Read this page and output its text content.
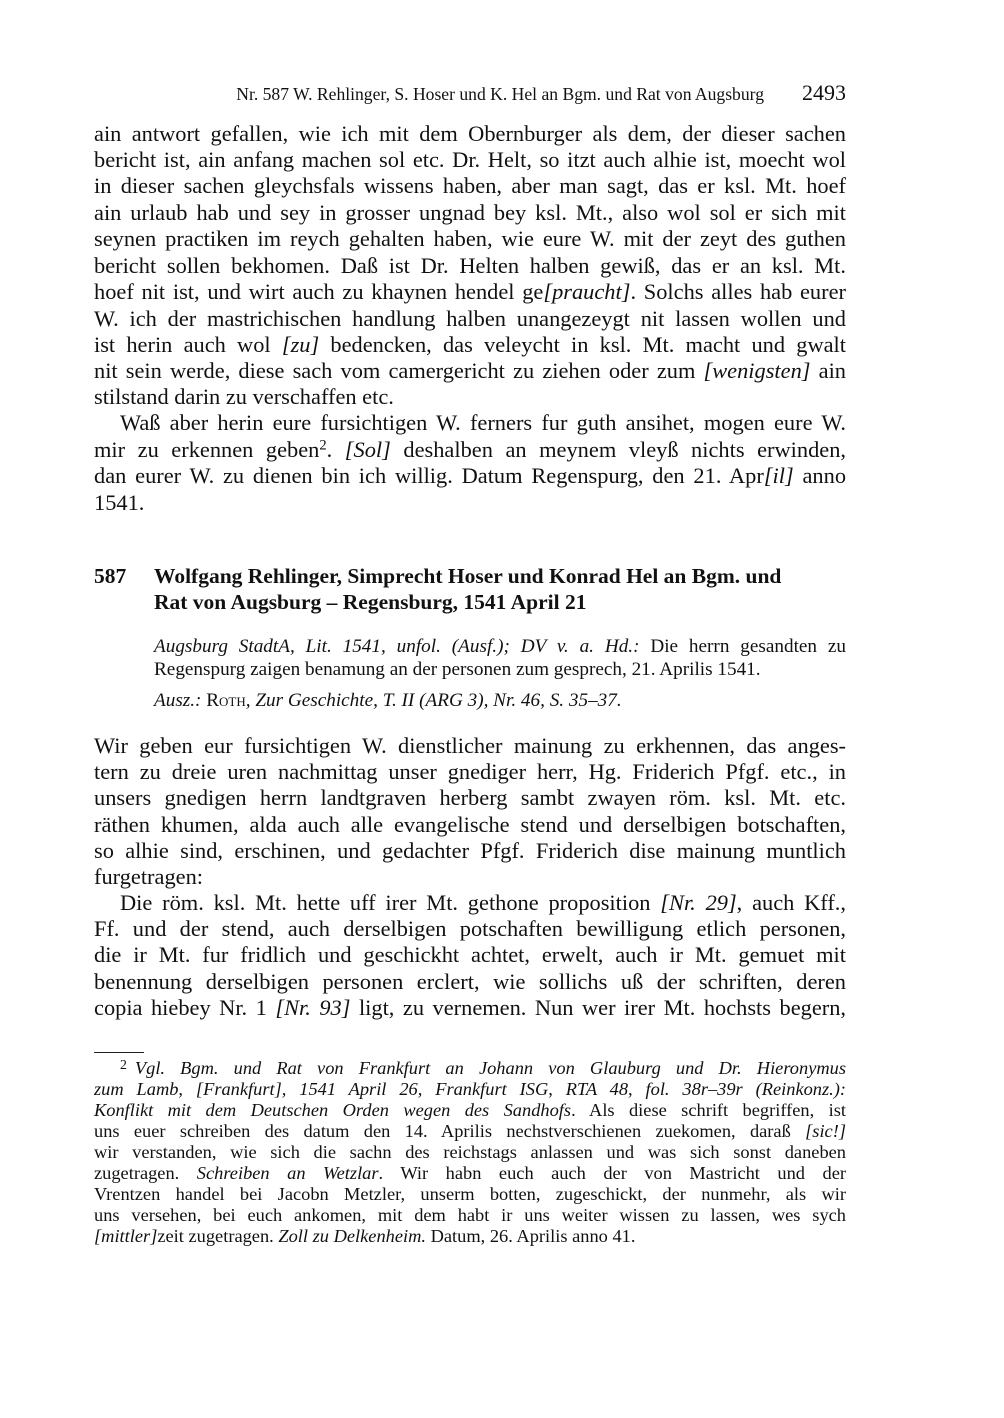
Nr. 587 W. Rehlinger, S. Hoser und K. Hel an Bgm. und Rat von Augsburg 2493
ain antwort gefallen, wie ich mit dem Obernburger als dem, der dieser sachen
bericht ist, ain anfang machen sol etc. Dr. Helt, so itzt auch alhie ist, moecht wol
in dieser sachen gleychsfals wissens haben, aber man sagt, das er ksl. Mt. hoef
ain urlaub hab und sey in grosser ungnad bey ksl. Mt., also wol sol er sich mit
seynen practiken im reych gehalten haben, wie eure W. mit der zeyt des guthen
bericht sollen bekhomen. Daß ist Dr. Helten halben gewiß, das er an ksl. Mt.
hoef nit ist, und wirt auch zu khaynen hendel ge[praucht]. Solchs alles hab eurer
W. ich der mastrichischen handlung halben unangezeygt nit lassen wollen und
ist herin auch wol [zu] bedencken, das veleycht in ksl. Mt. macht und gwalt
nit sein werde, diese sach vom camergericht zu ziehen oder zum [wenigsten] ain
stilstand darin zu verschaffen etc.
Waß aber herin eure fursichtigen W. ferners fur guth ansihet, mogen eure W.
mir zu erkennen geben$^2$. [Sol] deshalben an meynem vleyß nichts erwinden,
dan eurer W. zu dienen bin ich willig. Datum Regenspurg, den 21. Apr[il] anno
1541.
587 Wolfgang Rehlinger, Simprecht Hoser und Konrad Hel an Bgm. und
Rat von Augsburg – Regensburg, 1541 April 21
Augsburg StadtA, Lit. 1541, unfol. (Ausf.); DV v. a. Hd.: Die herrn gesandten zu
Regenspurg zaigen benamung an der personen zum gesprech, 21. Aprilis 1541.
Ausz.: Roth, Zur Geschichte, T. II (ARG 3), Nr. 46, S. 35–37.
Wir geben eur fursichtigen W. dienstlicher mainung zu erkhennen, das anges-
tern zu dreie uren nachmittag unser gnediger herr, Hg. Friderich Pfgf. etc., in
unsers gnedigen herrn landtgraven herberg sambt zwayen röm. ksl. Mt. etc.
räthen khumen, alda auch alle evangelische stend und derselbigen botschaften,
so alhie sind, erschinen, und gedachter Pfgf. Friderich dise mainung muntlich
furgetragen:
Die röm. ksl. Mt. hette uff irer Mt. gethone proposition [Nr. 29], auch Kff.,
Ff. und der stend, auch derselbigen potschaften bewilligung etlich personen,
die ir Mt. fur fridlich und geschickht achtet, erwelt, auch ir Mt. gemuet mit
benennung derselbigen personen erclert, wie sollichs uß der schriften, deren
copia hiebey Nr. 1 [Nr. 93] ligt, zu vernemen. Nun wer irer Mt. hochsts begern,
$^2$ Vgl. Bgm. und Rat von Frankfurt an Johann von Glauburg und Dr. Hieronymus
zum Lamb, [Frankfurt], 1541 April 26, Frankfurt ISG, RTA 48, fol. 38r–39r (Reinkonz.):
Konflikt mit dem Deutschen Orden wegen des Sandhofs. Als diese schrift begriffen, ist
uns euer schreiben des datum den 14. Aprilis nechstverschienen zuekomen, daraß [sic!]
wir verstanden, wie sich die sachn des reichstags anlassen und was sich sonst daneben
zugetragen. Schreiben an Wetzlar. Wir habn euch auch der von Mastricht und der
Vrentzen handel bei Jacobn Metzler, unserm botten, zugeschickt, der nunmehr, als wir
uns versehen, bei euch ankomen, mit dem habt ir uns weiter wissen zu lassen, wes sych
[mittler]zeit zugetragen. Zoll zu Delkenheim. Datum, 26. Aprilis anno 41.
